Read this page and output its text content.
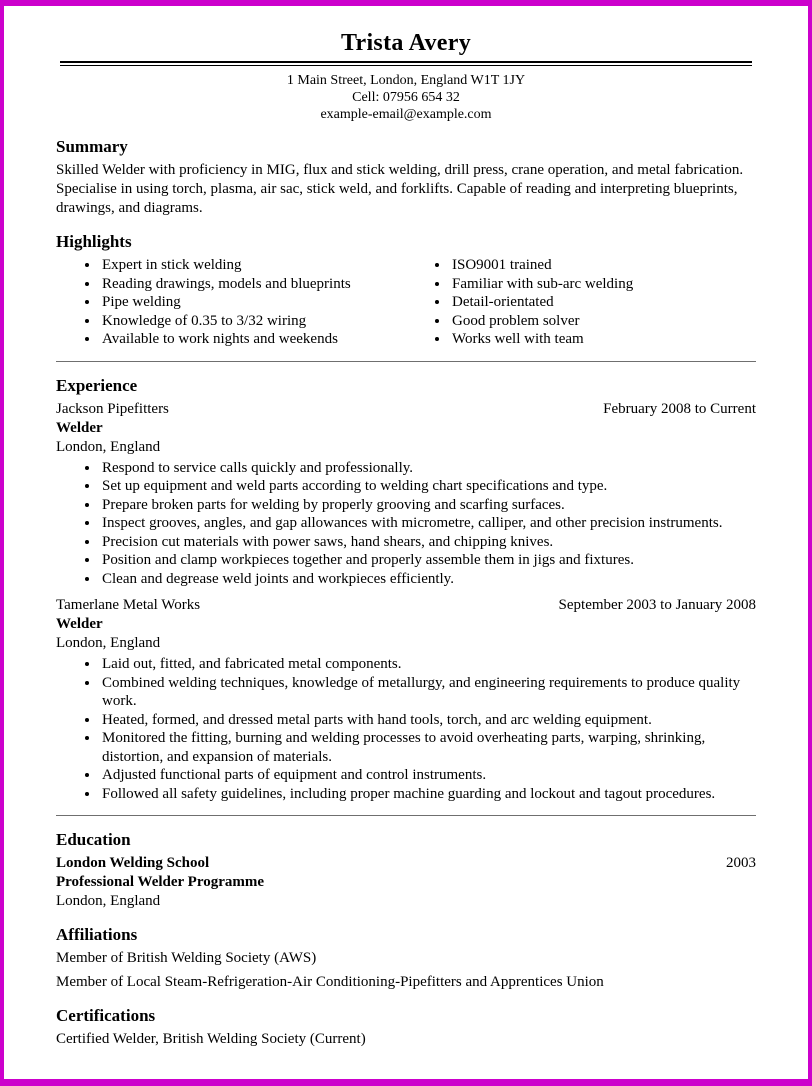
Trista Avery
1 Main Street, London, England W1T 1JY
Cell: 07956 654 32
example-email@example.com
Summary
Skilled Welder with proficiency in MIG, flux and stick welding, drill press, crane operation, and metal fabrication. Specialise in using torch, plasma, air sac, stick weld, and forklifts. Capable of reading and interpreting blueprints, drawings, and diagrams.
Highlights
• Expert in stick welding
• Reading drawings, models and blueprints
• Pipe welding
• Knowledge of 0.35 to 3/32 wiring
• Available to work nights and weekends
• ISO9001 trained
• Familiar with sub-arc welding
• Detail-orientated
• Good problem solver
• Works well with team
Experience
Jackson Pipefitters	February 2008 to Current
Welder
London, England
• Respond to service calls quickly and professionally.
• Set up equipment and weld parts according to welding chart specifications and type.
• Prepare broken parts for welding by properly grooving and scarfing surfaces.
• Inspect grooves, angles, and gap allowances with micrometre, calliper, and other precision instruments.
• Precision cut materials with power saws, hand shears, and chipping knives.
• Position and clamp workpieces together and properly assemble them in jigs and fixtures.
• Clean and degrease weld joints and workpieces efficiently.
Tamerlane Metal Works	September 2003 to January 2008
Welder
London, England
• Laid out, fitted, and fabricated metal components.
• Combined welding techniques, knowledge of metallurgy, and engineering requirements to produce quality work.
• Heated, formed, and dressed metal parts with hand tools, torch, and arc welding equipment.
• Monitored the fitting, burning and welding processes to avoid overheating parts, warping, shrinking, distortion, and expansion of materials.
• Adjusted functional parts of equipment and control instruments.
• Followed all safety guidelines, including proper machine guarding and lockout and tagout procedures.
Education
London Welding School	2003
Professional Welder Programme
London, England
Affiliations
Member of British Welding Society (AWS)
Member of Local Steam-Refrigeration-Air Conditioning-Pipefitters and Apprentices Union
Certifications
Certified Welder, British Welding Society (Current)
